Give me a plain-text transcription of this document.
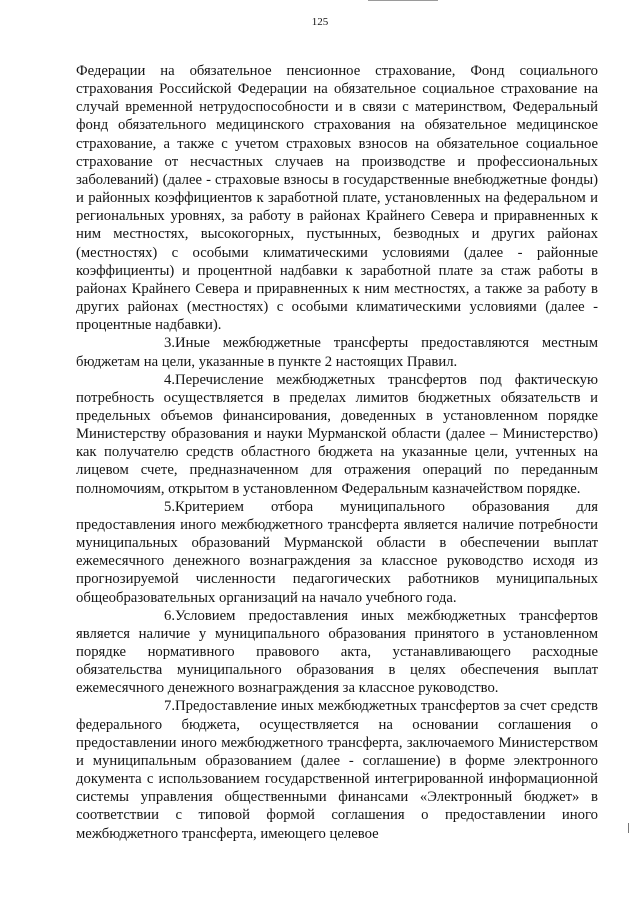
125

Федерации на обязательное пенсионное страхование, Фонд социального страхования Российской Федерации на обязательное социальное страхование на случай временной нетрудоспособности и в связи с материнством, Федеральный фонд обязательного медицинского страхования на обязательное медицинское страхование, а также с учетом страховых взносов на обязательное социальное страхование от несчастных случаев на производстве и профессиональных заболеваний) (далее - страховые взносы в государственные внебюджетные фонды) и районных коэффициентов к заработной плате, установленных на федеральном и региональных уровнях, за работу в районах Крайнего Севера и приравненных к ним местностях, высокогорных, пустынных, безводных и других районах (местностях) с особыми климатическими условиями (далее - районные коэффициенты) и процентной надбавки к заработной плате за стаж работы в районах Крайнего Севера и приравненных к ним местностях, а также за работу в других районах (местностях) с особыми климатическими условиями (далее - процентные надбавки).

3.Иные межбюджетные трансферты предоставляются местным бюджетам на цели, указанные в пункте 2 настоящих Правил.

4.Перечисление межбюджетных трансфертов под фактическую потребность осуществляется в пределах лимитов бюджетных обязательств и предельных объемов финансирования, доведенных в установленном порядке Министерству образования и науки Мурманской области (далее – Министерство) как получателю средств областного бюджета на указанные цели, учтенных на лицевом счете, предназначенном для отражения операций по переданным полномочиям, открытом в установленном Федеральным казначейством порядке.

5.Критерием отбора муниципального образования для предоставления иного межбюджетного трансферта является наличие потребности муниципальных образований Мурманской области в обеспечении выплат ежемесячного денежного вознаграждения за классное руководство исходя из прогнозируемой численности педагогических работников муниципальных общеобразовательных организаций на начало учебного года.

6.Условием предоставления иных межбюджетных трансфертов является наличие у муниципального образования принятого в установленном порядке нормативного правового акта, устанавливающего расходные обязательства муниципального образования в целях обеспечения выплат ежемесячного денежного вознаграждения за классное руководство.

7.Предоставление иных межбюджетных трансфертов за счет средств федерального бюджета, осуществляется на основании соглашения о предоставлении иного межбюджетного трансферта, заключаемого Министерством и муниципальным образованием (далее - соглашение) в форме электронного документа с использованием государственной интегрированной информационной системы управления общественными финансами «Электронный бюджет» в соответствии с типовой формой соглашения о предоставлении иного межбюджетного трансферта, имеющего целевое
